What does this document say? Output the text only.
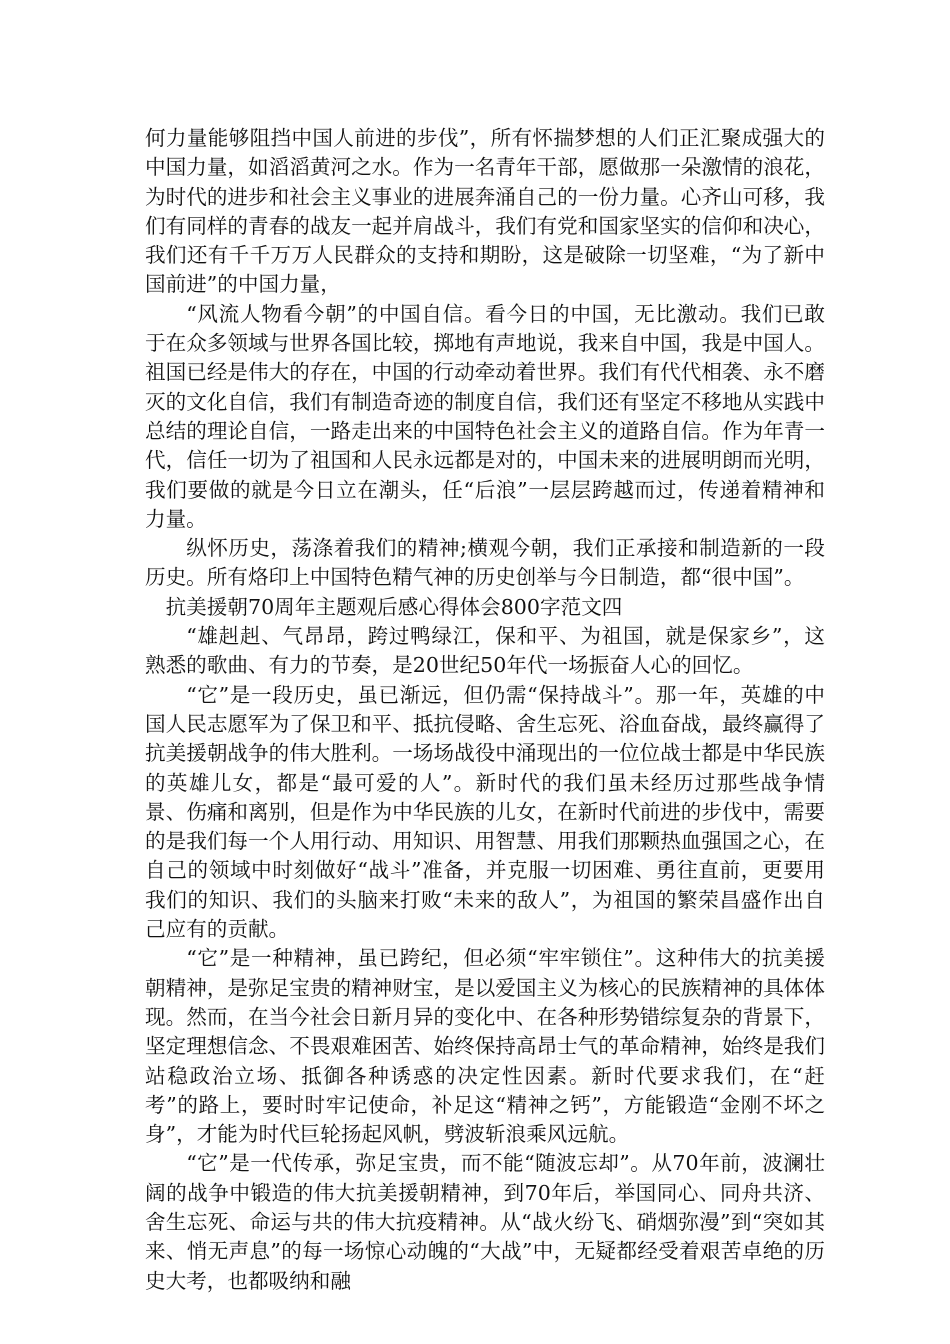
何力量能够阻挡中国人前进的步伐”，所有怀揣梦想的人们正汇聚成强大的中国力量，如滔滔黄河之水。作为一名青年干部，愿做那一朵激情的浪花，为时代的进步和社会主义事业的进展奔涌自己的一份力量。心齐山可移，我们有同样的青春的战友一起并肩战斗，我们有党和国家坚实的信仰和决心，我们还有千千万万人民群众的支持和期盼，这是破除一切坚难，“为了新中国前进”的中国力量，

“风流人物看今朝”的中国自信。看今日的中国，无比激动。我们已敢于在众多领域与世界各国比较，掷地有声地说，我来自中国，我是中国人。祖国已经是伟大的存在，中国的行动牵动着世界。我们有代代相袭、永不磨灭的文化自信，我们有制造奇迹的制度自信，我们还有坚定不移地从实践中总结的理论自信，一路走出来的中国特色社会主义的道路自信。作为年青一代，信任一切为了祖国和人民永远都是对的，中国未来的进展明朗而光明，我们要做的就是今日立在潮头，任“后浪”一层层跨越而过，传递着精神和力量。

纵怀历史，荡涤着我们的精神;横观今朝，我们正承接和制造新的一段历史。所有烙印上中国特色精气神的历史创举与今日制造，都“很中国”。

抗美援朝70周年主题观后感心得体会800字范文四

“雄赳赳、气昂昂，跨过鸭绿江，保和平、为祖国，就是保家乡”，这熟悉的歌曲、有力的节奏，是20世纪50年代一场振奋人心的回忆。

“它”是一段历史，虽已渐远，但仍需“保持战斗”。那一年，英雄的中国人民志愿军为了保卫和平、抵抗侵略、舍生忘死、浴血奋战，最终赢得了抗美援朝战争的伟大胜利。一场场战役中涌现出的一位位战士都是中华民族的英雄儿女，都是“最可爱的人”。新时代的我们虽未经历过那些战争情景、伤痛和离别，但是作为中华民族的儿女，在新时代前进的步伐中，需要的是我们每一个人用行动、用知识、用智慧、用我们那颗热血强国之心，在自己的领域中时刻做好“战斗”准备，并克服一切困难、勇往直前，更要用我们的知识、我们的头脑来打败“未来的敌人”，为祖国的繁荣昌盛作出自己应有的贡献。

“它”是一种精神，虽已跨纪，但必须“牢牢锁住”。这种伟大的抗美援朝精神，是弥足宝贵的精神财宝，是以爱国主义为核心的民族精神的具体体现。然而，在当今社会日新月异的变化中、在各种形势错综复杂的背景下，坚定理想信念、不畏艰难困苦、始终保持高昂士气的革命精神，始终是我们站稳政治立场、抵御各种诱惑的决定性因素。新时代要求我们，在“赶考”的路上，要时时牢记使命，补足这“精神之钙”，方能锻造“金刚不坏之身”，才能为时代巨轮扬起风帆，劈波斩浪乘风远航。

“它”是一代传承，弥足宝贵，而不能“随波忘却”。从70年前，波澜壮阔的战争中锻造的伟大抗美援朝精神，到70年后，举国同心、同舟共济、舍生忘死、命运与共的伟大抗疫精神。从“战火纷飞、硝烟弥漫”到“突如其来、悄无声息”的每一场惊心动魄的“大战”中，无疑都经受着艰苦卓绝的历史大考，也都吸纳和融
